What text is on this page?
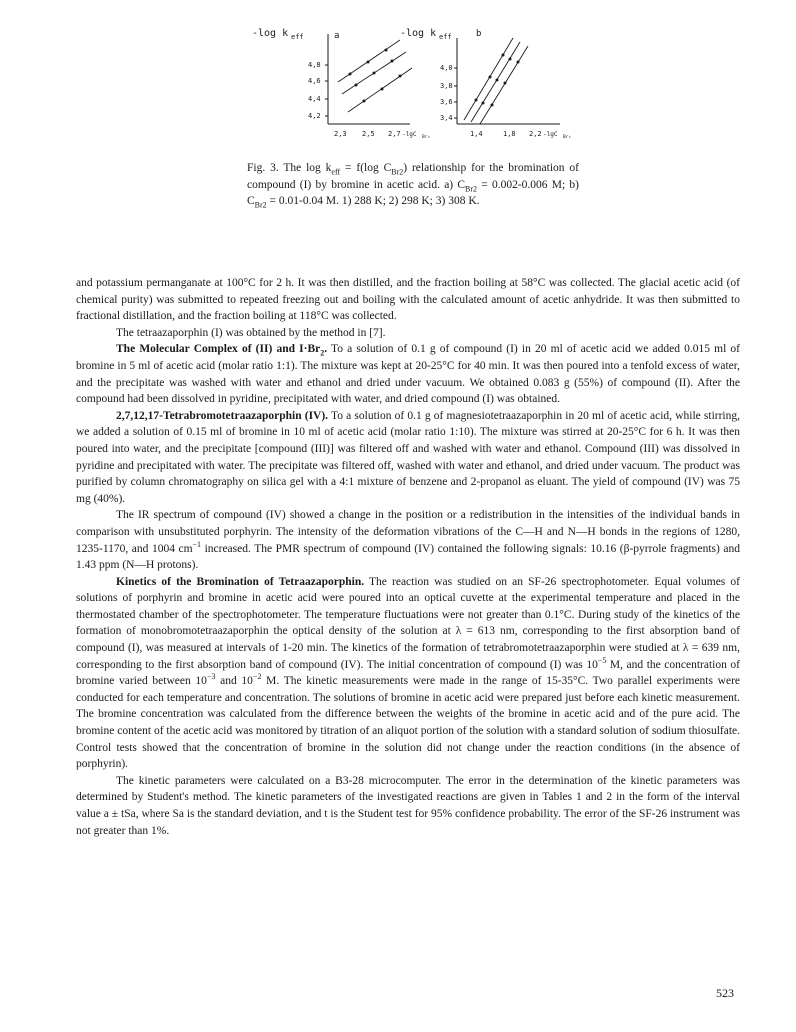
-log k eff	a
4,8
4,6
4,4
4,2
2,3 2,5 2,7 -lgC Br₂
-log k eff	b
4,0
3,8
3,6
3,4
1,4	1,8 2,2 -lgC Br₂
Fig. 3. The $\log k_{eff} = f(\log$ $C_{Br2}$) relationship for the bromination of compound (I) by bromine in acetic acid. a) $C_{Br2} = 0.002-0.006$ M; b) $C_{Br2} = 0.01-0.04$ M. 1) 288 K; 2) 298 K; 3) 308 K.

and potassium permanganate at 100°C for 2 h. It was then distilled, and the fraction boiling at 58°C was collected. The glacial acetic acid (of chemical purity) was submitted to repeated freezing out and boiling with the calculated amount of acetic anhydride. It was then submitted to fractional distillation, and the fraction boiling at 118°C was collected.

The tetraazaporphin (I) was obtained by the method in [7].

The Molecular Complex of (II) and $I\cdot Br_2$. To a solution of 0.1 g of compound (I) in 20 ml of acetic acid we added 0.015 ml of bromine in 5 ml of acetic acid (molar ratio 1:1). The mixture was kept at 20-25°C for 40 min. It was then poured into a tenfold excess of water, and the precipitate was washed with water and ethanol and dried under vacuum. We obtained 0.083 g (55%) of compound (II). After the compound had been dissolved in pyridine, precipitated with water, and dried compound (I) was obtained.

2,7,12,17-Tetrabromotetraazaporphin (IV). To a solution of 0.1 g of magnesiotetraazaporphin in 20 ml of acetic acid, while stirring, we added a solution of 0.15 ml of bromine in 10 ml of acetic acid (molar ratio 1:10). The mixture was stirred at 20-25°C for 6 h. It was then poured into water, and the precipitate [compound (III)] was filtered off and washed with water and ethanol. Compound (III) was dissolved in pyridine and precipitated with water. The precipitate was filtered off, washed with water and ethanol, and dried under vacuum. The product was purified by column chromatography on silica gel with a 4:1 mixture of benzene and 2-propanol as eluant. The yield of compound (IV) was 75 mg (40%).

The IR spectrum of compound (IV) showed a change in the position or a redistribution in the intensities of the individual bands in comparison with unsubstituted porphyrin. The intensity of the deformation vibrations of the C—H and N—H bonds in the regions of 1280, 1235-1170, and 1004 $cm^{-1}$ increased. The PMR spectrum of compound (IV) contained the following signals: 10.16 (β-pyrrole fragments) and 1.43 ppm (N—H protons).

Kinetics of the Bromination of Tetraazaporphin. The reaction was studied on an SF-26 spectrophotometer. Equal volumes of solutions of porphyrin and bromine in acetic acid were poured into an optical cuvette at the experimental temperature and placed in the thermostated chamber of the spectrophotometer. The temperature fluctuations were not greater than 0.1°C. During study of the kinetics of the formation of monobromotetraazaporphin the optical density of the solution at λ = 613 nm, corresponding to the first absorption band of compound (I), was measured at intervals of 1-20 min. The kinetics of the formation of tetrabromotetraazaporphin were studied at λ = 639 nm, corresponding to the first absorption band of compound (IV). The initial concentration of compound (I) was $10^{-5}$ M, and the concentration of bromine varied between $10^{-3}$ and $10^{-2}$ M. The kinetic measurements were made in the range of 15-35°C. Two parallel experiments were conducted for each temperature and concentration. The solutions of bromine in acetic acid were prepared just before each kinetic measurement. The bromine concentration was calculated from the difference between the weights of the bromine in acetic acid and of the pure acid. The bromine content of the acetic acid was monitored by titration of an aliquot portion of the solution with a standard solution of sodium thiosulfate. Control tests showed that the concentration of bromine in the solution did not change under the reaction conditions (in the absence of porphyrin).

The kinetic parameters were calculated on a B3-28 microcomputer. The error in the determination of the kinetic parameters was determined by Student's method. The kinetic parameters of the investigated reactions are given in Tables 1 and 2 in the form of the interval value a ± tSa, where Sa is the standard deviation, and t is the Student test for 95% confidence probability. The error of the SF-26 instrument was not greater than 1%.

523
